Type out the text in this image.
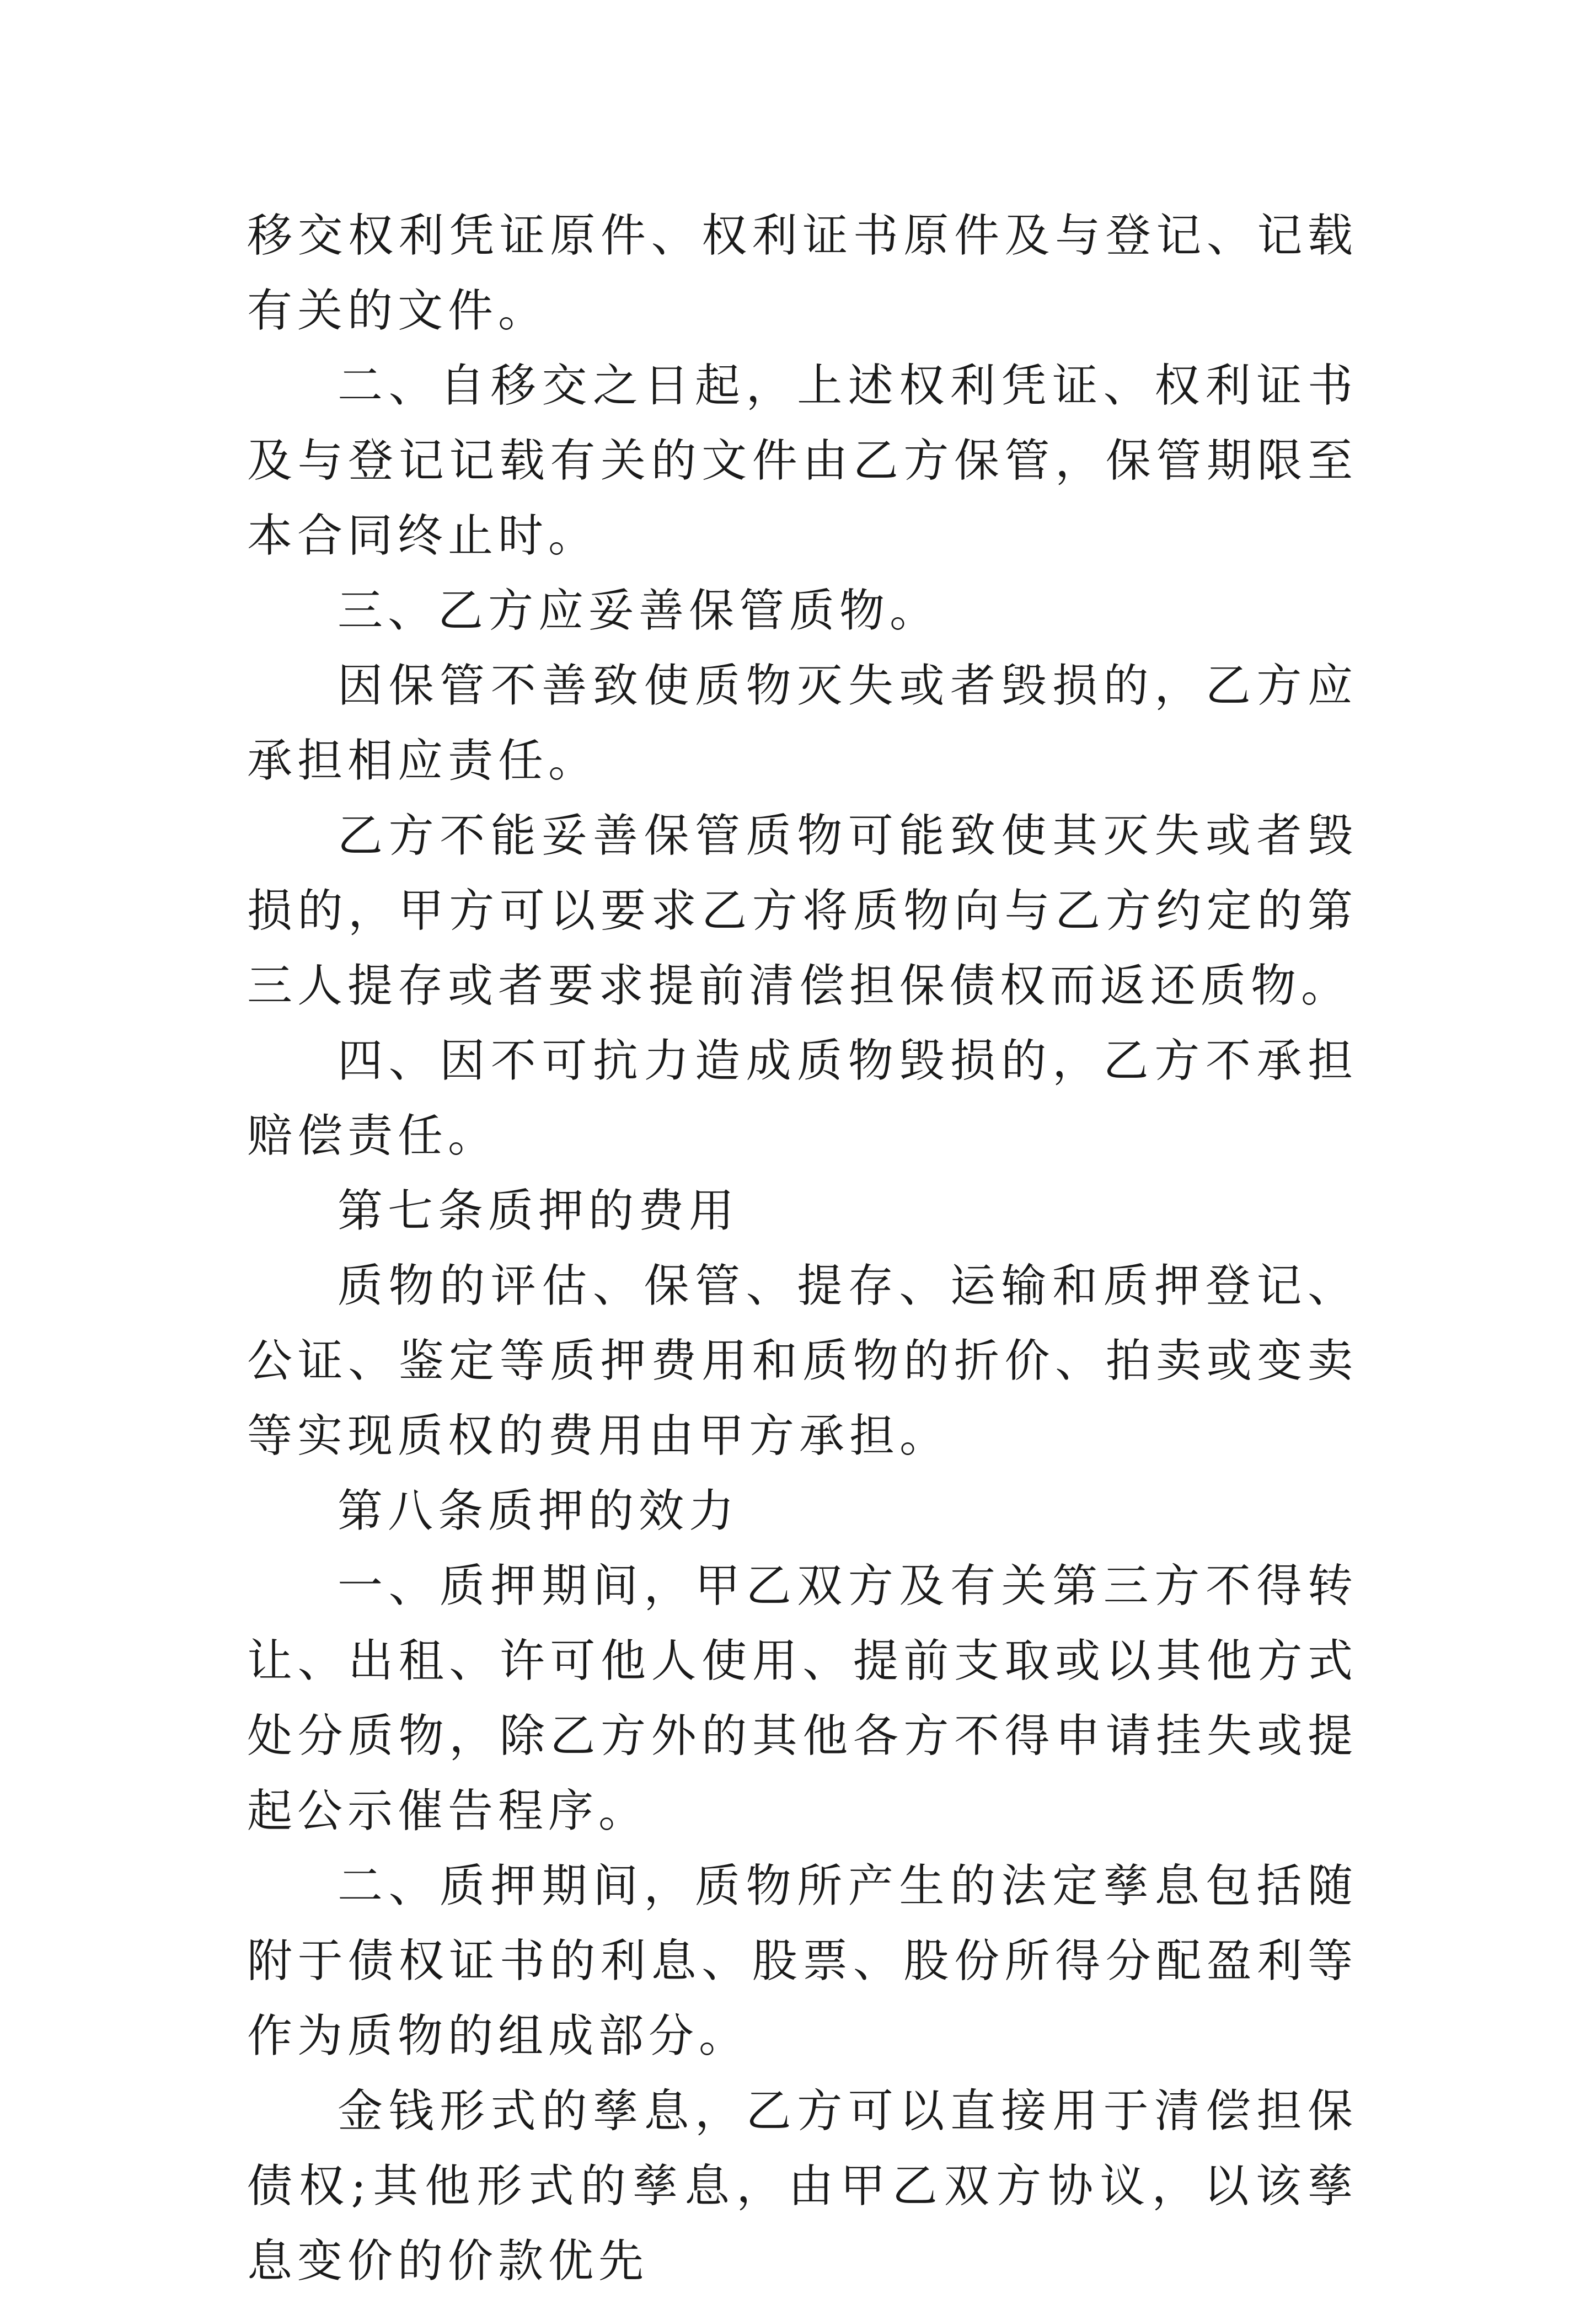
移交权利凭证原件、权利证书原件及与登记、记载有关的文件。

二、自移交之日起，上述权利凭证、权利证书及与登记记载有关的文件由乙方保管，保管期限至本合同终止时。

三、乙方应妥善保管质物。

因保管不善致使质物灭失或者毁损的，乙方应承担相应责任。

乙方不能妥善保管质物可能致使其灭失或者毁损的，甲方可以要求乙方将质物向与乙方约定的第三人提存或者要求提前清偿担保债权而返还质物。

四、因不可抗力造成质物毁损的，乙方不承担赔偿责任。

第七条质押的费用

质物的评估、保管、提存、运输和质押登记、公证、鉴定等质押费用和质物的折价、拍卖或变卖等实现质权的费用由甲方承担。

第八条质押的效力

一、质押期间，甲乙双方及有关第三方不得转让、出租、许可他人使用、提前支取或以其他方式处分质物，除乙方外的其他各方不得申请挂失或提起公示催告程序。

二、质押期间，质物所产生的法定孳息包括随附于债权证书的利息、股票、股份所得分配盈利等作为质物的组成部分。

金钱形式的孳息，乙方可以直接用于清偿担保债权;其他形式的孳息，由甲乙双方协议，以该孳息变价的价款优先
